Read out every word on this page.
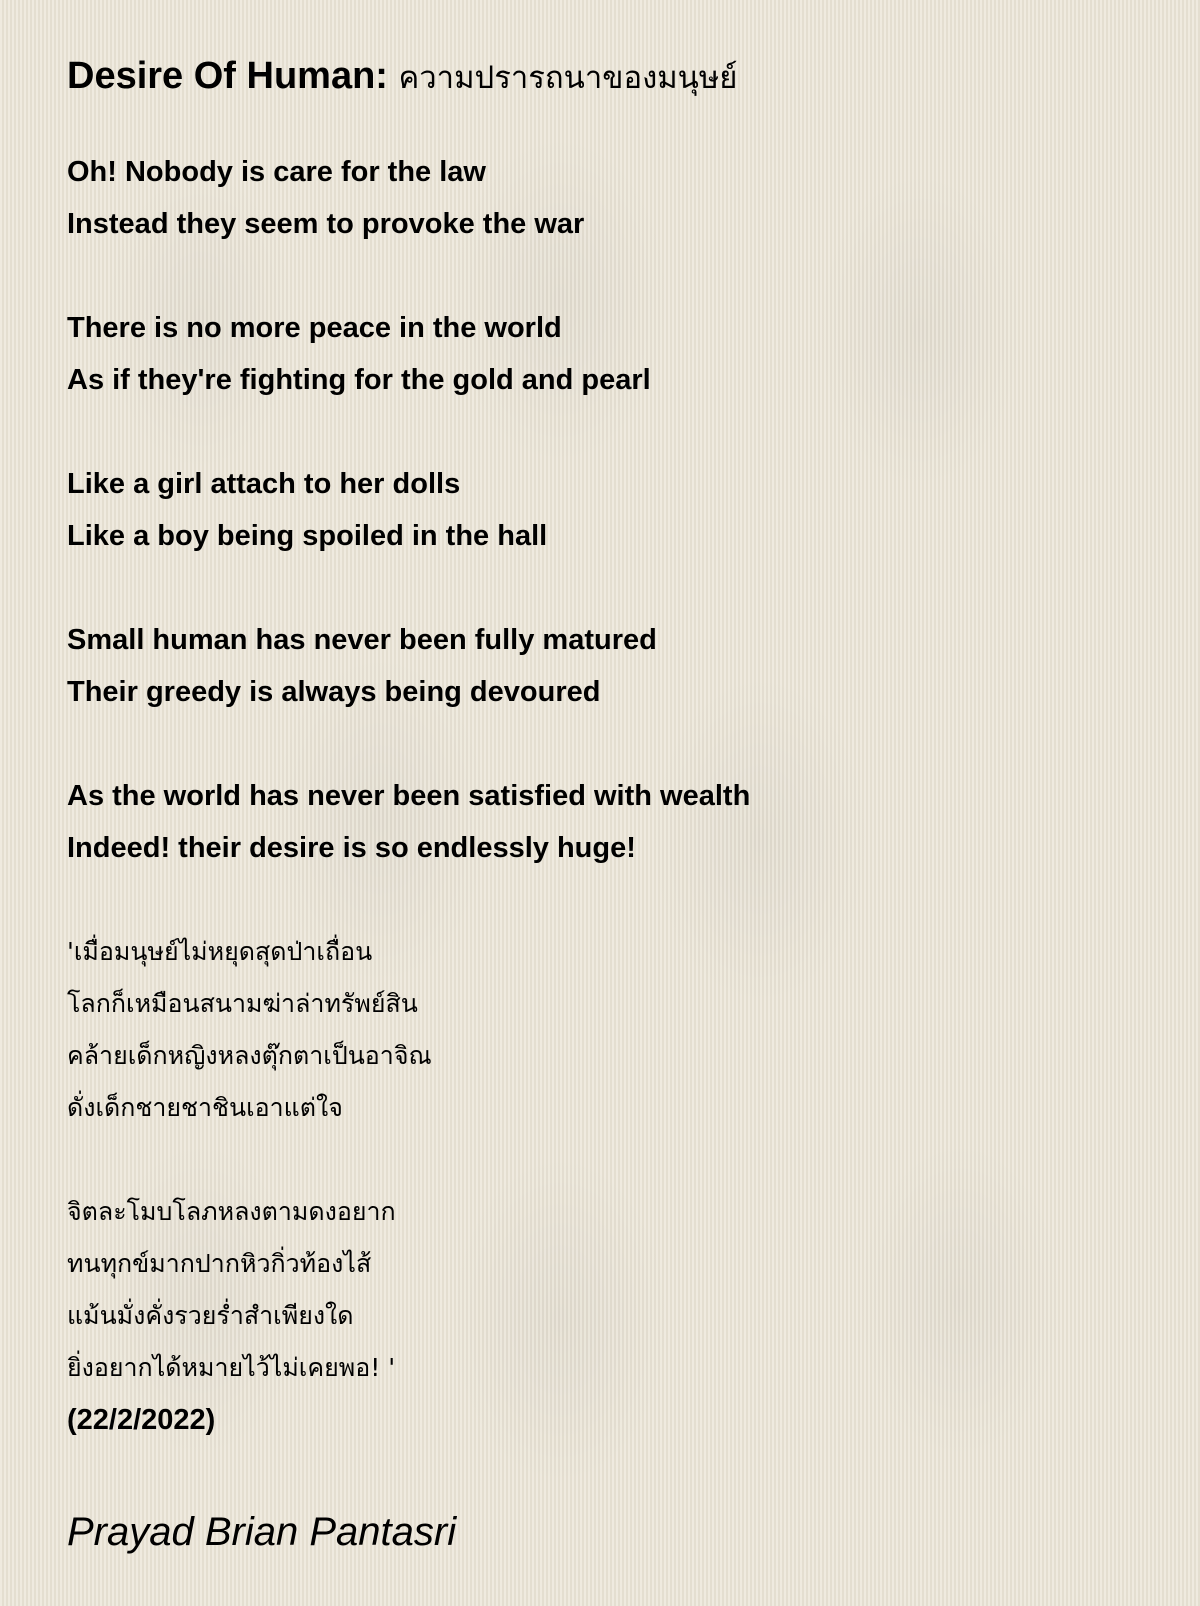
Desire Of Human: ความปรารถนาของมนุษย์
Oh! Nobody is care for the law
Instead they seem to provoke the war
There is no more peace in the world
As if they're fighting for the gold and pearl
Like a girl attach to her dolls
Like a boy being spoiled in the hall
Small human has never been fully matured
Their greedy is always being devoured
As the world has never been satisfied with wealth
Indeed! their desire is so endlessly huge!
'เมื่อมนุษย์ไม่หยุดสุดป่าเถื่อน
โลกก็เหมือนสนามฆ่าล่าทรัพย์สิน
คล้ายเด็กหญิงหลงตุ๊กตาเป็นอาจิณ
ดั่งเด็กชายชาชินเอาแต่ใจ
จิตละโมบโลภหลงตามดงอยาก
ทนทุกข์มากปากหิวกิ่วท้องไส้
แม้นมั่งคั่งรวยร่ำสำเพียงใด
ยิ่งอยากได้หมายไว้ไม่เคยพอ! '
(22/2/2022)
Prayad Brian Pantasri
